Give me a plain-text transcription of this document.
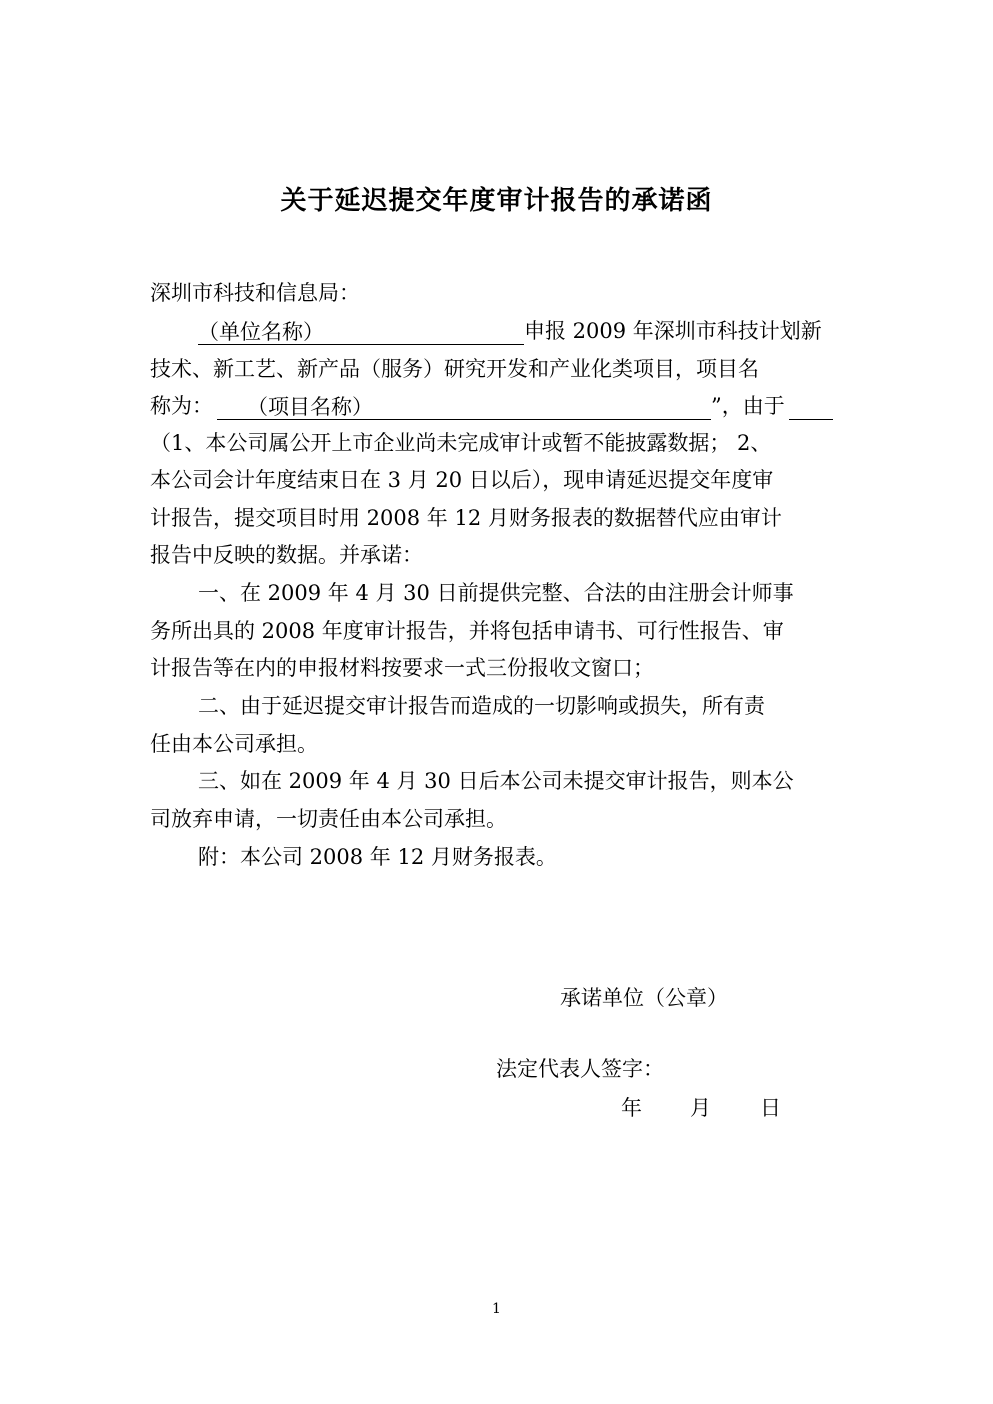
关于延迟提交年度审计报告的承诺函
深圳市科技和信息局：
（单位名称）	申报 2009 年深圳市科技计划新
技术、新工艺、新产品（服务）研究开发和产业化类项目，项目名
称为： （项目名称）	”，由于
（1、本公司属公开上市企业尚未完成审计或暂不能披露数据； 2、
本公司会计年度结束日在 3 月 20 日以后），现申请延迟提交年度审
计报告，提交项目时用 2008 年 12 月财务报表的数据替代应由审计
报告中反映的数据。并承诺：
一、在 2009 年 4 月 30 日前提供完整、合法的由注册会计师事
务所出具的 2008 年度审计报告，并将包括申请书、可行性报告、审
计报告等在内的申报材料按要求一式三份报收文窗口；
二、由于延迟提交审计报告而造成的一切影响或损失，所有责
任由本公司承担。
三、如在 2009 年 4 月 30 日后本公司未提交审计报告，则本公
司放弃申请，一切责任由本公司承担。
附：本公司 2008 年 12 月财务报表。
承诺单位（公章）
法定代表人签字：
年 月 日
1
